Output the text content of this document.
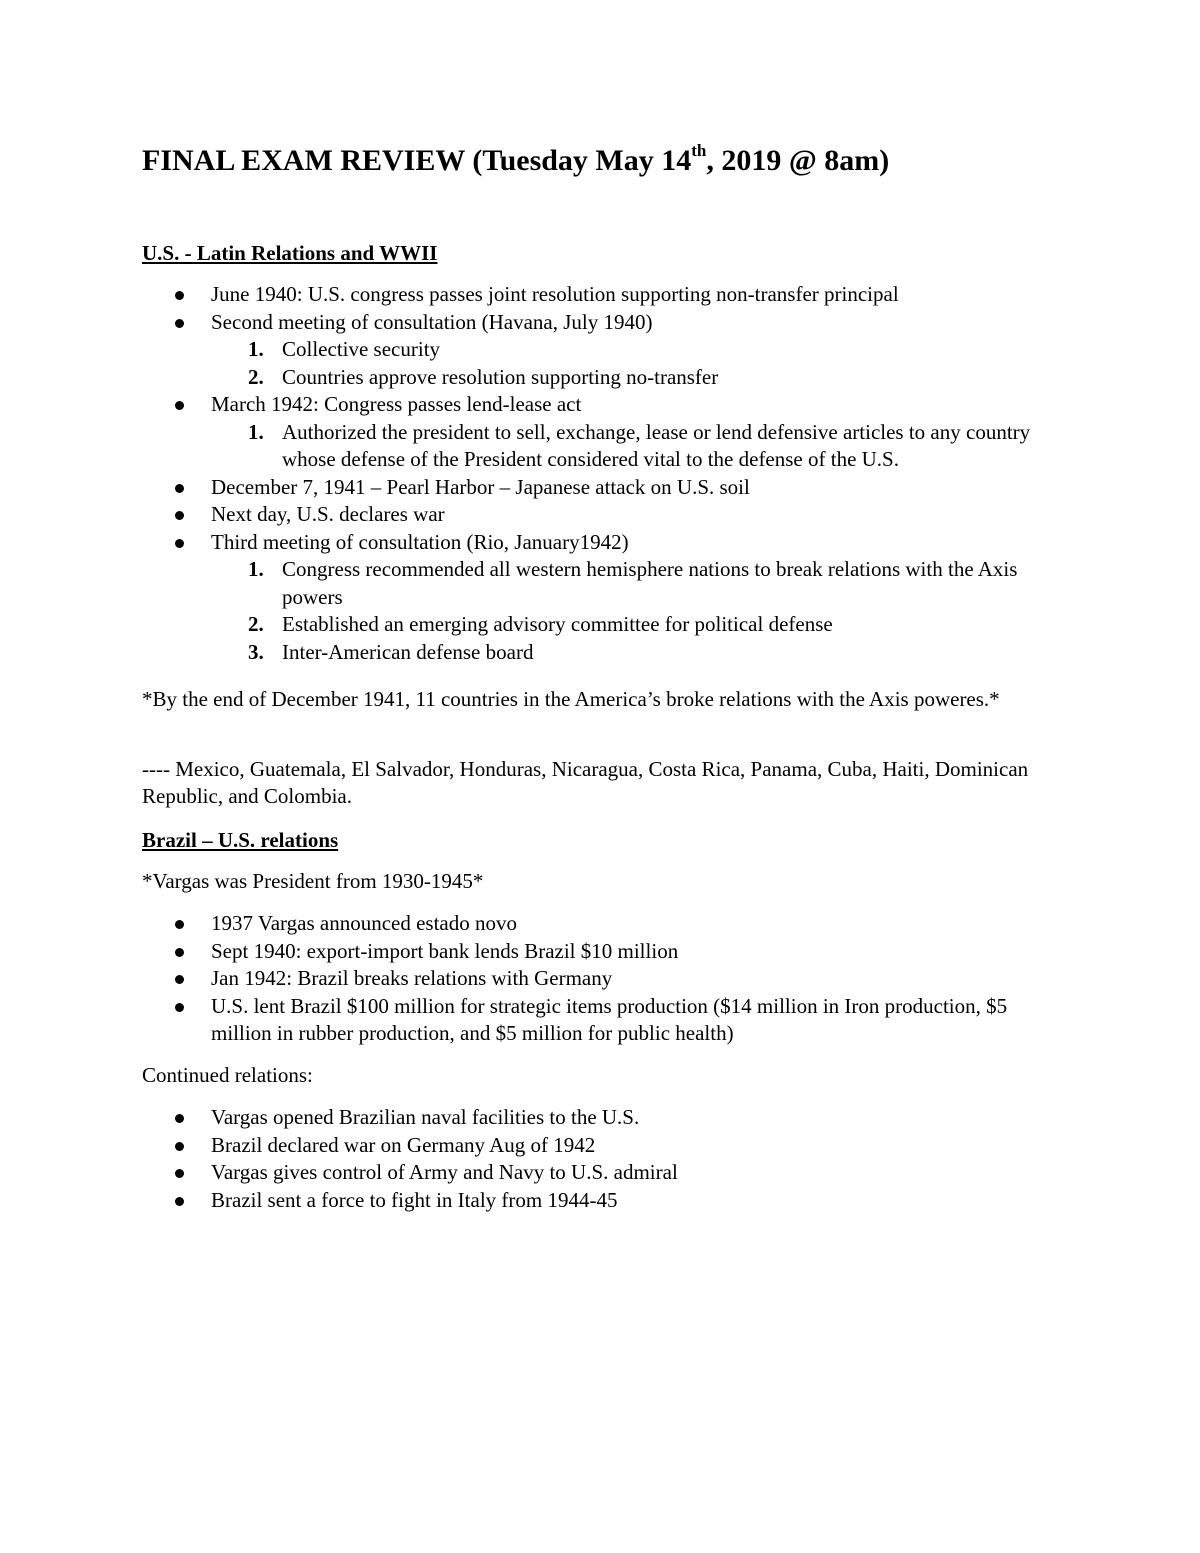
FINAL EXAM REVIEW (Tuesday May 14th, 2019 @ 8am)
U.S. - Latin Relations and WWII
June 1940: U.S. congress passes joint resolution supporting non-transfer principal
Second meeting of consultation (Havana, July 1940)
1. Collective security
2. Countries approve resolution supporting no-transfer
March 1942: Congress passes lend-lease act
1. Authorized the president to sell, exchange, lease or lend defensive articles to any country whose defense of the President considered vital to the defense of the U.S.
December 7, 1941 – Pearl Harbor – Japanese attack on U.S. soil
Next day, U.S. declares war
Third meeting of consultation (Rio, January1942)
1. Congress recommended all western hemisphere nations to break relations with the Axis powers
2. Established an emerging advisory committee for political defense
3. Inter-American defense board

*By the end of December 1941, 11 countries in the America’s broke relations with the Axis poweres.*

---- Mexico, Guatemala, El Salvador, Honduras, Nicaragua, Costa Rica, Panama, Cuba, Haiti, Dominican Republic, and Colombia.

Brazil – U.S. relations

*Vargas was President from 1930-1945*

1937 Vargas announced estado novo
Sept 1940: export-import bank lends Brazil $10 million
Jan 1942: Brazil breaks relations with Germany
U.S. lent Brazil $100 million for strategic items production ($14 million in Iron production, $5 million in rubber production, and $5 million for public health)

Continued relations:

Vargas opened Brazilian naval facilities to the U.S.
Brazil declared war on Germany Aug of 1942
Vargas gives control of Army and Navy to U.S. admiral
Brazil sent a force to fight in Italy from 1944-45
